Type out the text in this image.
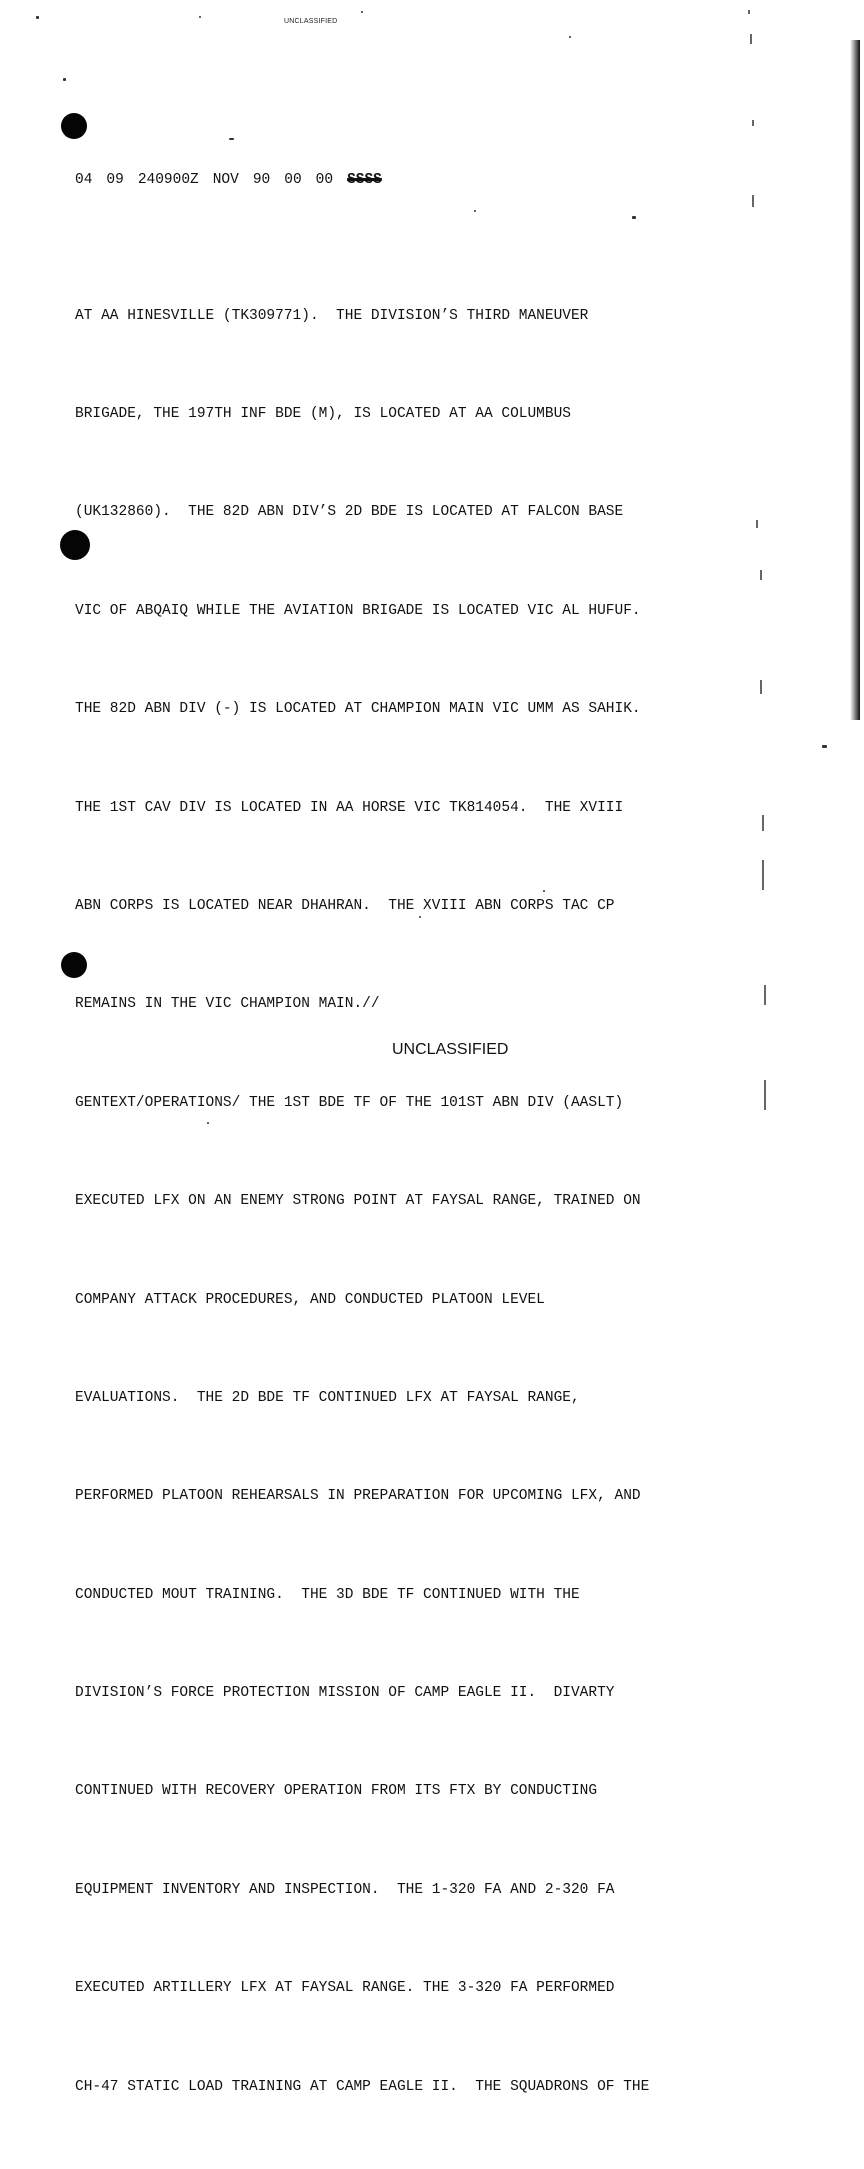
UNCLASSIFIED
04 09 240900Z NOV 90 00 00 SSSS

AT AA HINESVILLE (TK309771).  THE DIVISION’S THIRD MANEUVER

BRIGADE, THE 197TH INF BDE (M), IS LOCATED AT AA COLUMBUS

(UK132860).  THE 82D ABN DIV’S 2D BDE IS LOCATED AT FALCON BASE

VIC OF ABQAIQ WHILE THE AVIATION BRIGADE IS LOCATED VIC AL HUFUF.

THE 82D ABN DIV (-) IS LOCATED AT CHAMPION MAIN VIC UMM AS SAHIK.

THE 1ST CAV DIV IS LOCATED IN AA HORSE VIC TK814054.  THE XVIII

ABN CORPS IS LOCATED NEAR DHAHRAN.  THE XVIII ABN CORPS TAC CP

REMAINS IN THE VIC CHAMPION MAIN.//

GENTEXT/OPERATIONS/ THE 1ST BDE TF OF THE 101ST ABN DIV (AASLT)

EXECUTED LFX ON AN ENEMY STRONG POINT AT FAYSAL RANGE, TRAINED ON

COMPANY ATTACK PROCEDURES, AND CONDUCTED PLATOON LEVEL

EVALUATIONS.  THE 2D BDE TF CONTINUED LFX AT FAYSAL RANGE,

PERFORMED PLATOON REHEARSALS IN PREPARATION FOR UPCOMING LFX, AND

CONDUCTED MOUT TRAINING.  THE 3D BDE TF CONTINUED WITH THE

DIVISION’S FORCE PROTECTION MISSION OF CAMP EAGLE II.  DIVARTY

CONTINUED WITH RECOVERY OPERATION FROM ITS FTX BY CONDUCTING

EQUIPMENT INVENTORY AND INSPECTION.  THE 1-320 FA AND 2-320 FA

EXECUTED ARTILLERY LFX AT FAYSAL RANGE. THE 3-320 FA PERFORMED

CH-47 STATIC LOAD TRAINING AT CAMP EAGLE II.  THE SQUADRONS OF THE

UNCLASSIFIED
